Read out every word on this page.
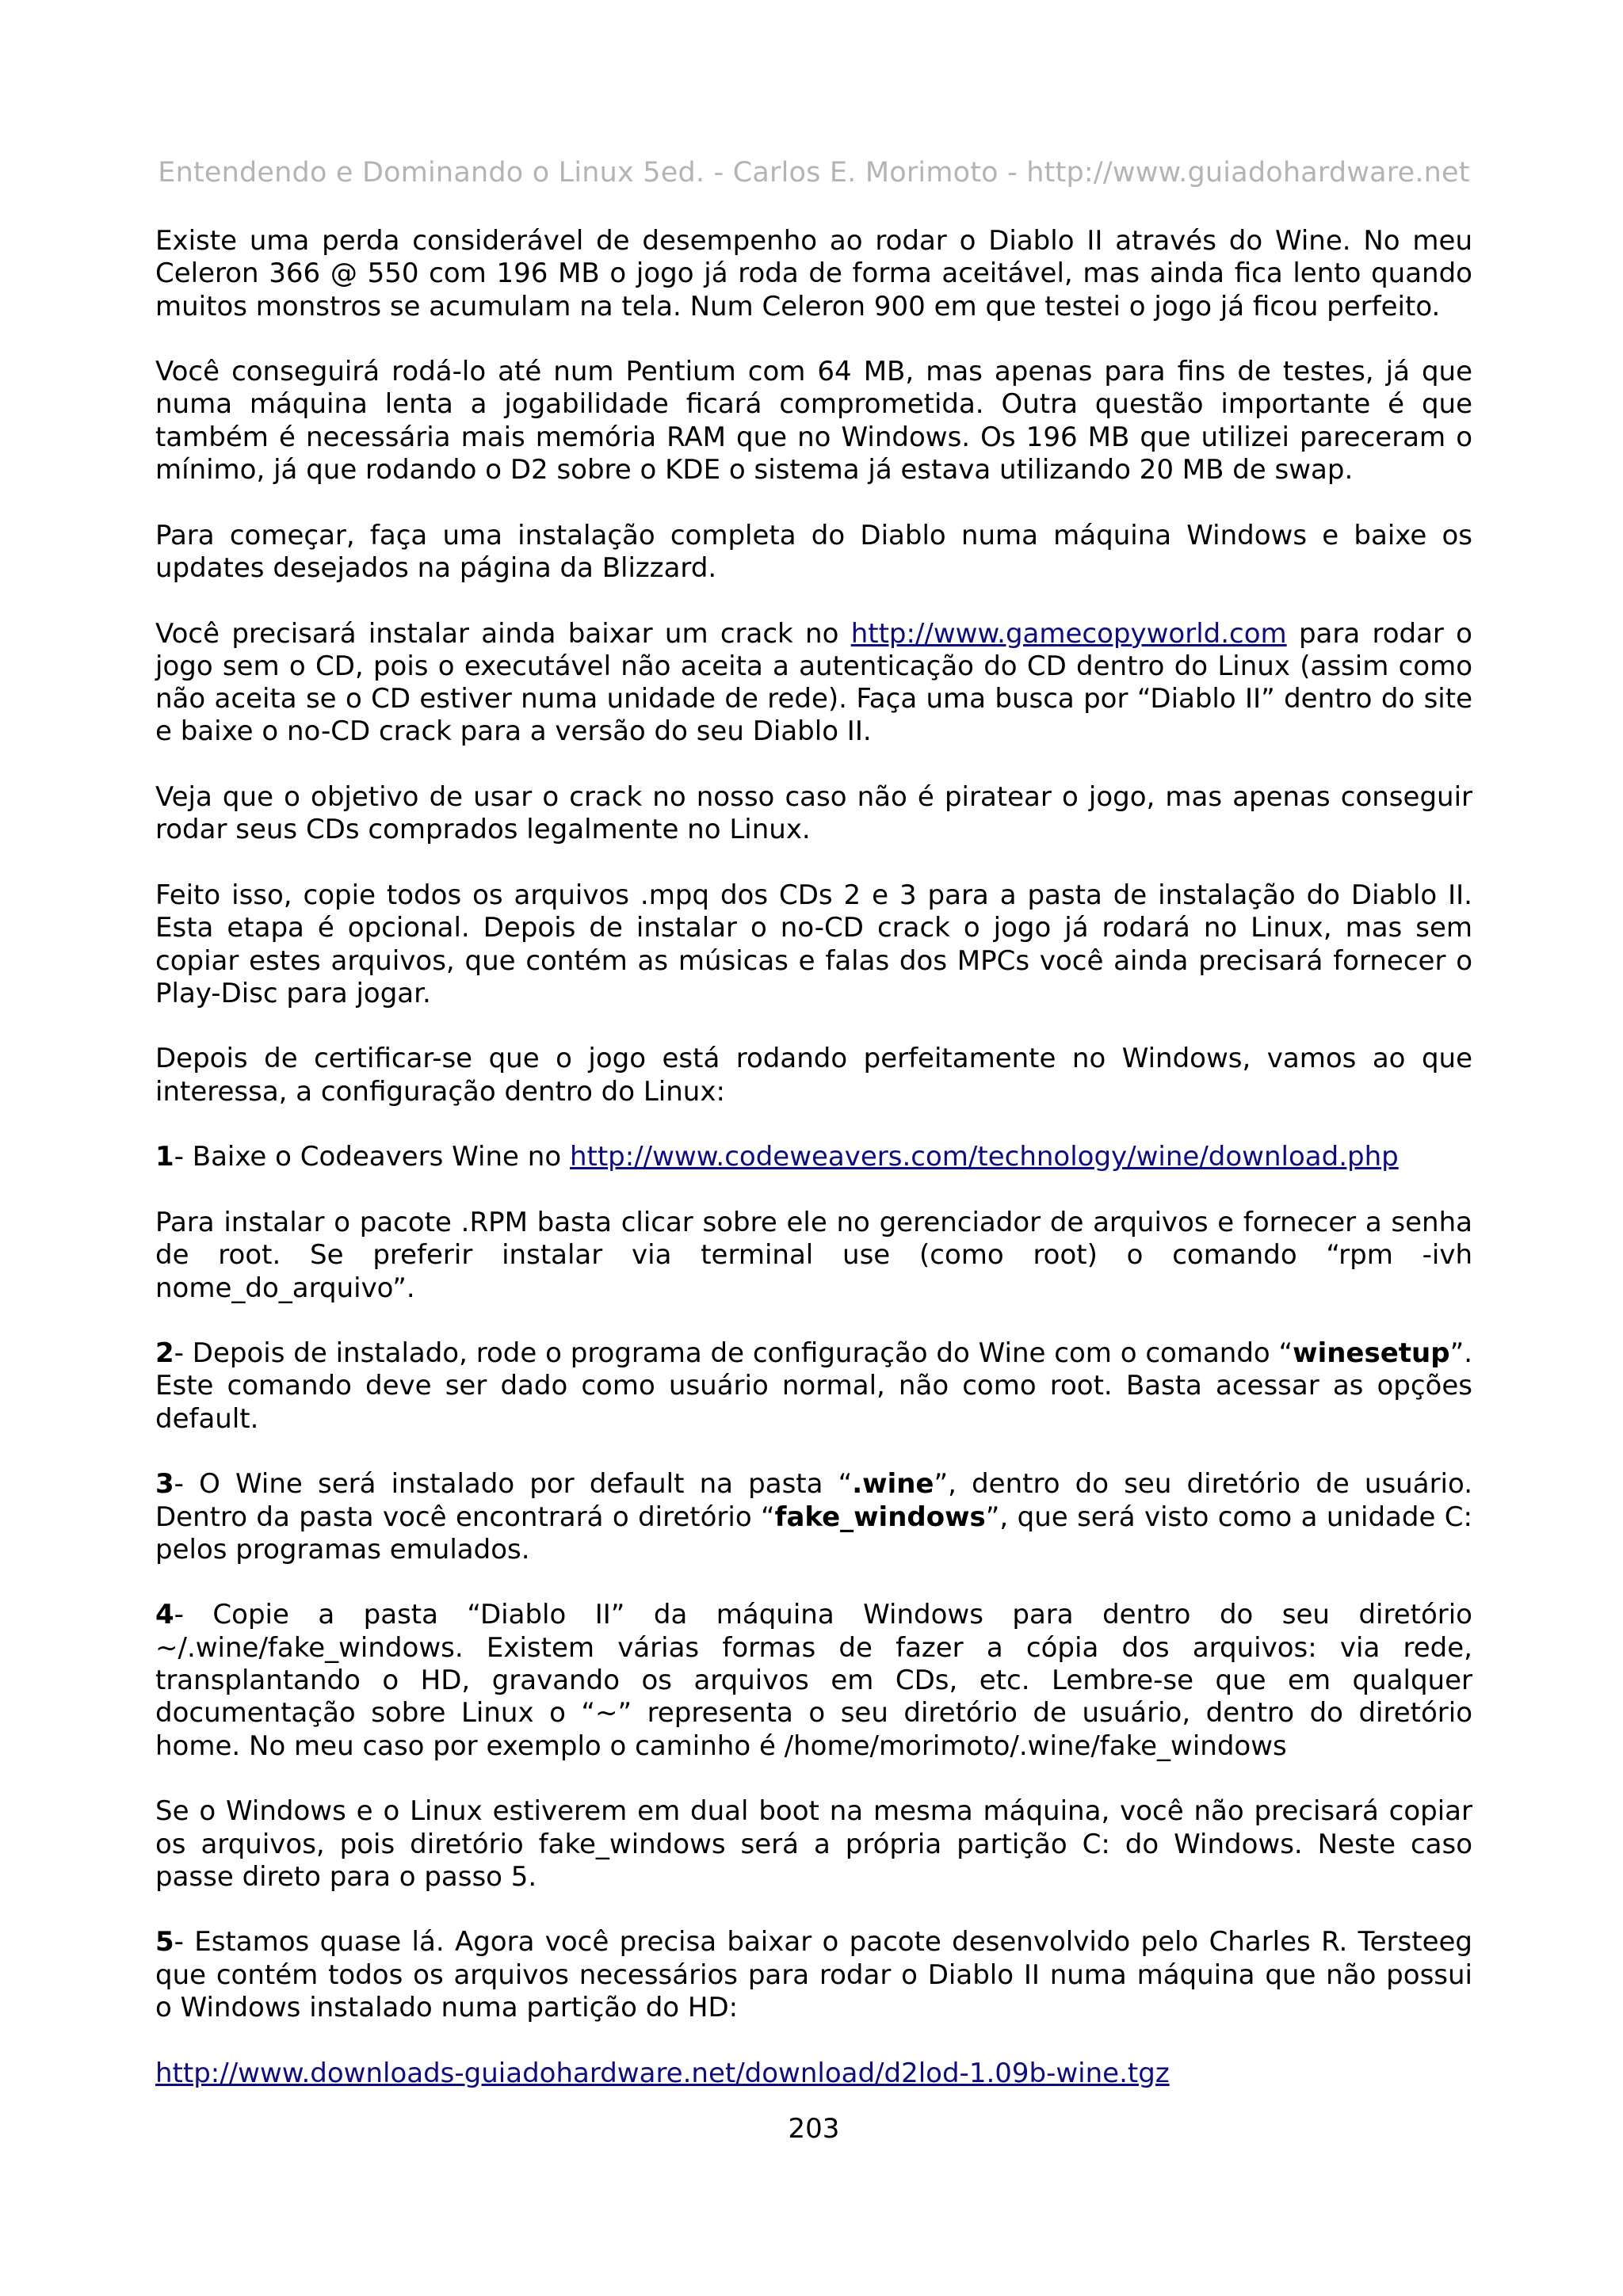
Entendendo e Dominando o Linux 5ed. - Carlos E. Morimoto - http://www.guiadohardware.net

Existe uma perda considerável de desempenho ao rodar o Diablo II através do Wine. No meu Celeron 366 @ 550 com 196 MB o jogo já roda de forma aceitável, mas ainda fica lento quando muitos monstros se acumulam na tela. Num Celeron 900 em que testei o jogo já ficou perfeito.

Você conseguirá rodá-lo até num Pentium com 64 MB, mas apenas para fins de testes, já que numa máquina lenta a jogabilidade ficará comprometida. Outra questão importante é que também é necessária mais memória RAM que no Windows. Os 196 MB que utilizei pareceram o mínimo, já que rodando o D2 sobre o KDE o sistema já estava utilizando 20 MB de swap.

Para começar, faça uma instalação completa do Diablo numa máquina Windows e baixe os updates desejados na página da Blizzard.

Você precisará instalar ainda baixar um crack no http://www.gamecopyworld.com para rodar o jogo sem o CD, pois o executável não aceita a autenticação do CD dentro do Linux (assim como não aceita se o CD estiver numa unidade de rede). Faça uma busca por “Diablo II” dentro do site e baixe o no-CD crack para a versão do seu Diablo II.

Veja que o objetivo de usar o crack no nosso caso não é piratear o jogo, mas apenas conseguir rodar seus CDs comprados legalmente no Linux.

Feito isso, copie todos os arquivos .mpq dos CDs 2 e 3 para a pasta de instalação do Diablo II. Esta etapa é opcional. Depois de instalar o no-CD crack o jogo já rodará no Linux, mas sem copiar estes arquivos, que contém as músicas e falas dos MPCs você ainda precisará fornecer o Play-Disc para jogar.

Depois de certificar-se que o jogo está rodando perfeitamente no Windows, vamos ao que interessa, a configuração dentro do Linux:

1- Baixe o Codeavers Wine no http://www.codeweavers.com/technology/wine/download.php

Para instalar o pacote .RPM basta clicar sobre ele no gerenciador de arquivos e fornecer a senha de root. Se preferir instalar via terminal use (como root) o comando “rpm -ivh nome_do_arquivo”.

2- Depois de instalado, rode o programa de configuração do Wine com o comando “winesetup”. Este comando deve ser dado como usuário normal, não como root. Basta acessar as opções default.

3- O Wine será instalado por default na pasta “.wine”, dentro do seu diretório de usuário. Dentro da pasta você encontrará o diretório “fake_windows”, que será visto como a unidade C: pelos programas emulados.

4- Copie a pasta “Diablo II” da máquina Windows para dentro do seu diretório ~/.wine/fake_windows. Existem várias formas de fazer a cópia dos arquivos: via rede, transplantando o HD, gravando os arquivos em CDs, etc. Lembre-se que em qualquer documentação sobre Linux o “~” representa o seu diretório de usuário, dentro do diretório home. No meu caso por exemplo o caminho é /home/morimoto/.wine/fake_windows

Se o Windows e o Linux estiverem em dual boot na mesma máquina, você não precisará copiar os arquivos, pois diretório fake_windows será a própria partição C: do Windows. Neste caso passe direto para o passo 5.

5- Estamos quase lá. Agora você precisa baixar o pacote desenvolvido pelo Charles R. Tersteeg que contém todos os arquivos necessários para rodar o Diablo II numa máquina que não possui o Windows instalado numa partição do HD:

http://www.downloads-guiadohardware.net/download/d2lod-1.09b-wine.tgz

203
